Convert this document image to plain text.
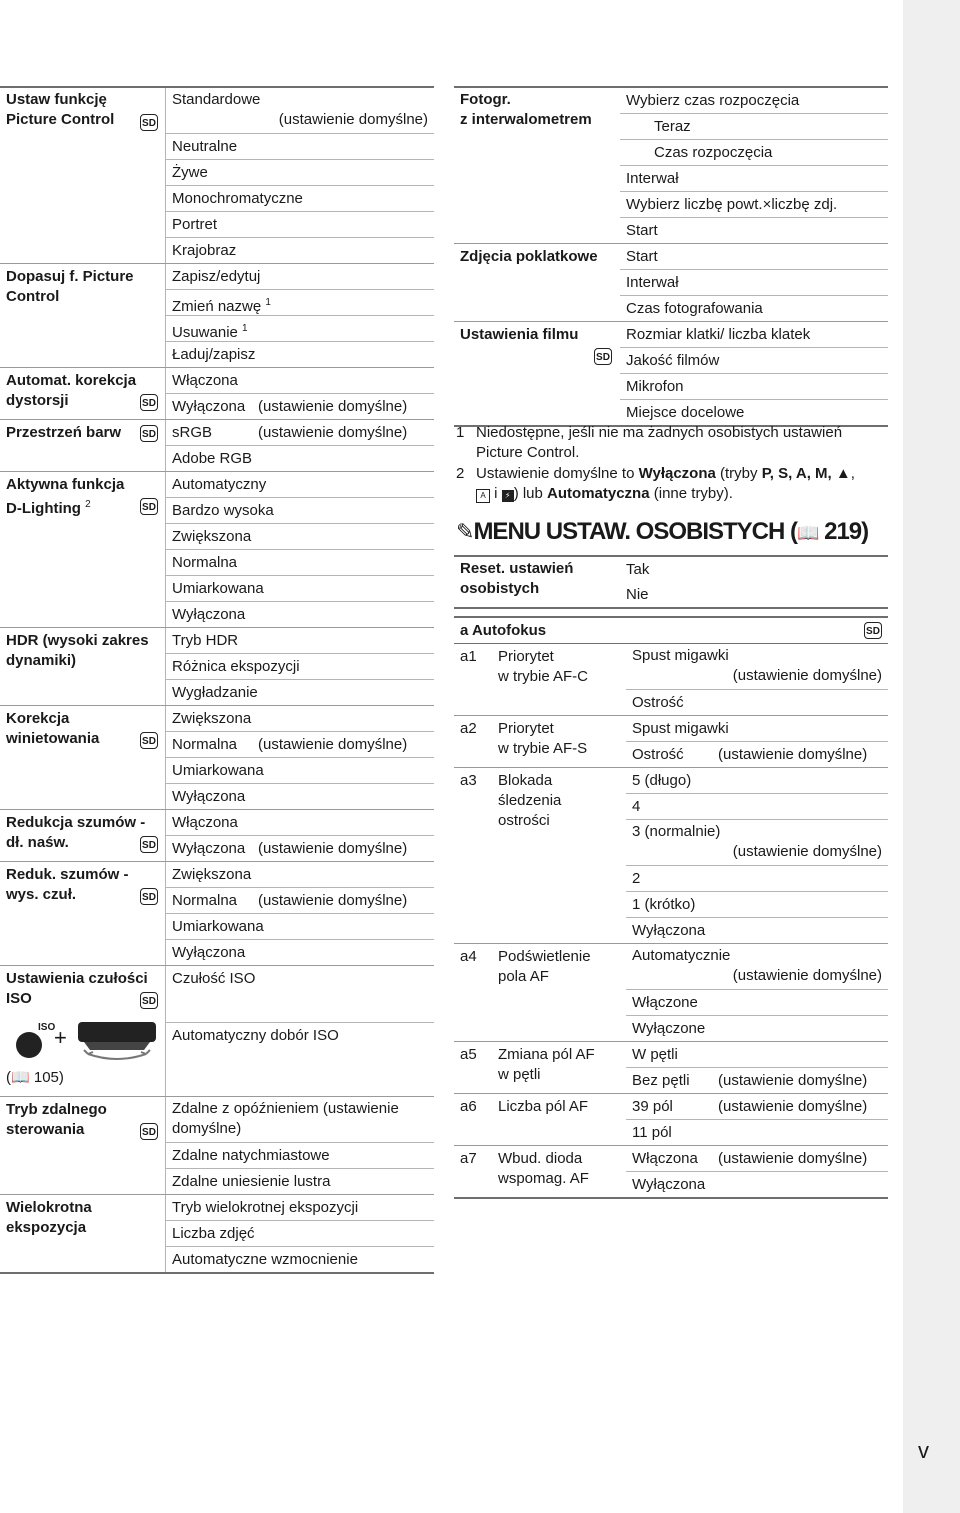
v
Ustaw funkcję
Picture Control
SD
Standardowe
(ustawienie domyślne)
Neutralne
Żywe
Monochromatyczne
Portret
Krajobraz
Dopasuj f. Picture
Control
Zapisz/edytuj
Zmień nazwę $^1$
Usuwanie $^1$
Ładuj/zapisz
Automat. korekcja
dystorsji
SD
Włączona
Wyłączona (ustawienie domyślne)
Przestrzeń barw
SD	sRGB	(ustawienie domyślne)
Adobe RGB
Aktywna funkcja
D-Lighting $^2$
SD
Automatyczny
Bardzo wysoka
Zwiększona
Normalna
Umiarkowana
Wyłączona
HDR (wysoki zakres
dynamiki)
Tryb HDR
Różnica ekspozycji
Wygładzanie
Korekcja
winietowania
SD
Zwiększona
Normalna (ustawienie domyślne)
Umiarkowana
Wyłączona
Redukcja szumów -
dł. naśw.
SD
Włączona
Wyłączona (ustawienie domyślne)
Reduk. szumów -
wys. czuł.
SD
Zwiększona
Normalna (ustawienie domyślne)
Umiarkowana
Wyłączona
Ustawienia czułości
ISO
SD
ISO
+
(📖 105)
Czułość ISO
Automatyczny dobór ISO
Tryb zdalnego
sterowania
SD
Zdalne z opóźnieniem (ustawienie
domyślne)
Zdalne natychmiastowe
Zdalne uniesienie lustra
Wielokrotna
ekspozycja
Tryb wielokrotnej ekspozycji
Liczba zdjęć
Automatyczne wzmocnienie
Fotogr.
z interwalometrem
Wybierz czas rozpoczęcia
Teraz
Czas rozpoczęcia
Interwał
Wybierz liczbę powt.×liczbę zdj.
Start
Zdjęcia poklatkowe	Start
Interwał
Czas fotografowania
Ustawienia filmu
SD	Rozmiar klatki/ liczba klatek
Jakość filmów
Mikrofon
Miejsce docelowe
1 Niedostępne, jeśli nie ma żadnych osobistych ustawień
Picture Control.
2 Ustawienie domyślne to Wyłączona (tryby P, S, A, M, ▲,
A i ⚡ ) lub Automatyczna (inne tryby).
✎MENU USTAW. OSOBISTYCH (📖 219)
Reset. ustawień
osobistych
Tak
Nie
a Autofokus
SD
a1	Priorytet
w trybie AF-C
Spust migawki
(ustawienie domyślne)
Ostrość
a2	Priorytet
w trybie AF-S
Spust migawki
Ostrość (ustawienie domyślne)
a3	Blokada
śledzenia
ostrości
5 (długo)
4
3 (normalnie)
(ustawienie domyślne)
2
1 (krótko)
Wyłączona
a4	Podświetlenie
pola AF
Automatycznie
(ustawienie domyślne)
Włączone
Wyłączone
a5	Zmiana pól AF
w pętli
W pętli
Bez pętli (ustawienie domyślne)
a6	Liczba pól AF	39 pól	(ustawienie domyślne)
11 pól
a7	Wbud. dioda
wspomag. AF
Włączona (ustawienie domyślne)
Wyłączona
